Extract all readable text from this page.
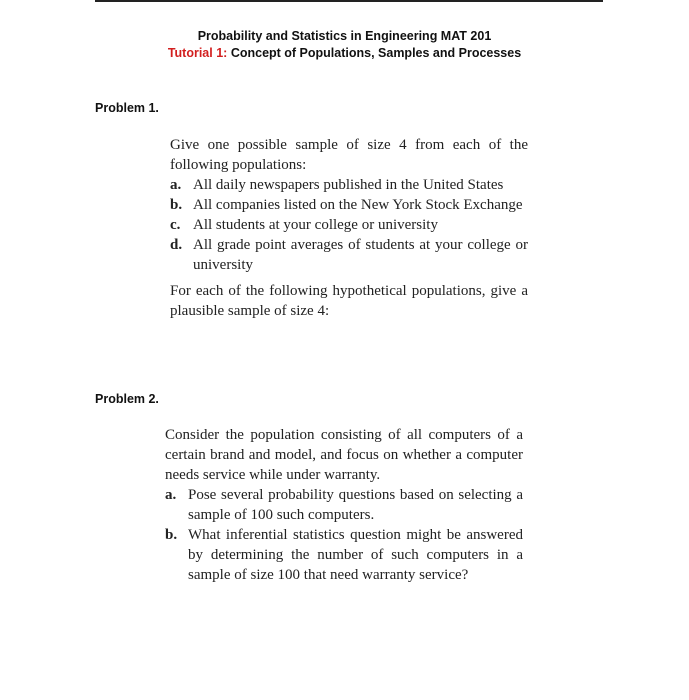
Probability and Statistics in Engineering MAT 201
Tutorial 1: Concept of Populations, Samples and Processes
Problem 1.

Give one possible sample of size 4 from each of the following populations:

a. All daily newspapers published in the United States
b. All companies listed on the New York Stock Exchange
c. All students at your college or university
d. All grade point averages of students at your college or university

For each of the following hypothetical populations, give a plausible sample of size 4:

Problem 2.

Consider the population consisting of all computers of a certain brand and model, and focus on whether a computer needs service while under warranty.

a. Pose several probability questions based on selecting a sample of 100 such computers.
b. What inferential statistics question might be answered by determining the number of such computers in a sample of size 100 that need warranty service?
